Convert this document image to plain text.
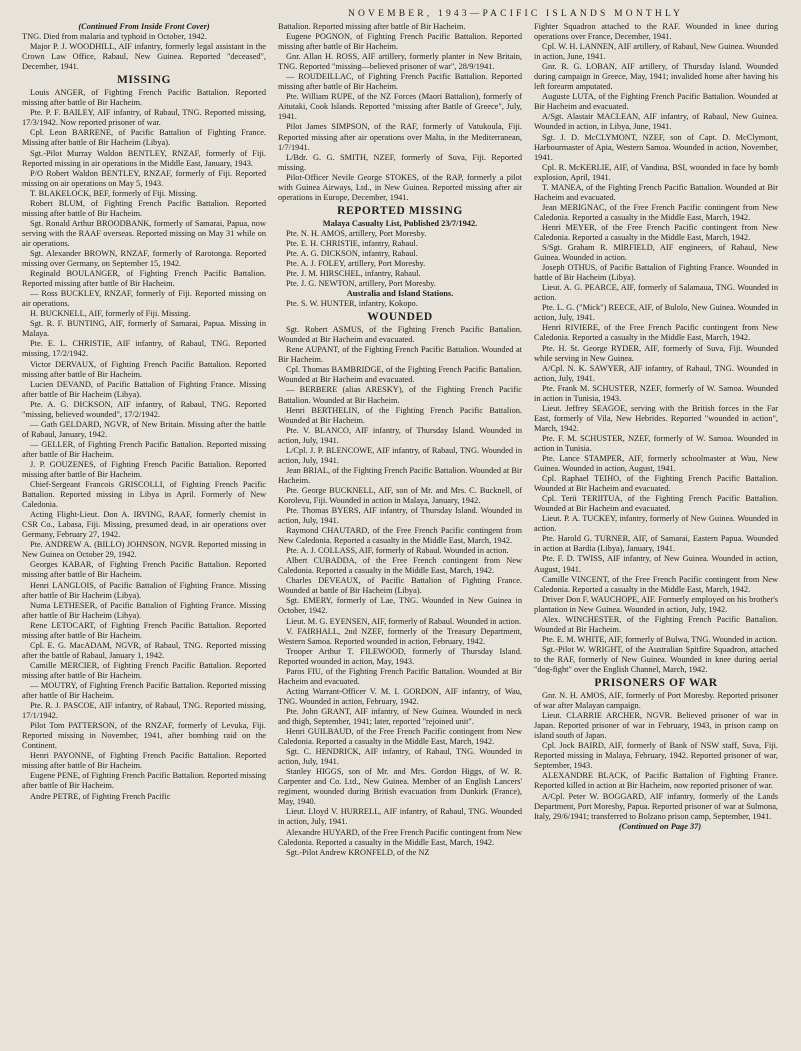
NOVEMBER, 1943—PACIFIC ISLANDS MONTHLY

(Continued From Inside Front Cover)

TNG. Died from malaria and typhoid in October, 1942.

Major P. J. WOODHILL, AIF infantry, formerly legal assistant in the Crown Law Office, Rabaul, New Guinea. Reported "deceased", December, 1941.

MISSING

Louis ANGER, of Fighting French Pacific Battalion. Reported missing after battle of Bir Hacheim.

Pte. P. F. BAILEY, AIF infantry, of Rabaul, TNG. Reported missing, 17/3/1942. Now reported prisoner of war.

Cpl. Leon BARRENE, of Pacific Battalion of Fighting France. Missing after battle of Bir Hacheim (Libya).

Sgt.-Pilot Murray Waldon BENTLEY, RNZAF, formerly of Fiji. Reported missing in air operations in the Middle East, January, 1943.

P/O Robert Waldon BENTLEY, RNZAF, formerly of Fiji. Reported missing on air operations on May 5, 1943.

T. BLAKELOCK, BEF, formerly of Fiji. Missing.

Robert BLUM, of Fighting French Pacific Battalion. Reported missing after battle of Bir Hacheim.

Sgt. Ronald Arthur BROODBANK, formerly of Samarai, Papua, now serving with the RAAF overseas. Reported missing on May 31 while on air operations.

Sgt. Alexander BROWN, RNZAF, formerly of Rarotonga. Reported missing over Germany, on September 15, 1942.

Reginald BOULANGER, of Fighting French Pacific Battalion. Reported missing after battle of Bir Hacheim.

— Ross BUCKLEY, RNZAF, formerly of Fiji. Reported missing on air operations.

H. BUCKNELL, AIF, formerly of Fiji. Missing.

Sgt. R. F. BUNTING, AIF, formerly of Samarai, Papua. Missing in Malaya.

Pte. E. L. CHRISTIE, AIF infantry, of Rabaul, TNG. Reported missing, 17/2/1942.

Victor DERVAUX, of Fighting French Pacific Battalion. Reported missing after battle of Bir Hacheim.

Lucien DEVAND, of Pacific Battalion of Fighting France. Missing after battle of Bir Hacheim (Libya).

Pte. A. G. DICKSON, AIF infantry, of Rabaul, TNG. Reported "missing, believed wounded", 17/2/1942.

— Gath GELDARD, NGVR, of New Britain. Missing after the battle of Rabaul, January, 1942.

— GELLER, of Fighting French Pacific Battalion. Reported missing after battle of Bir Hacheim.

J. P. GOUZENES, of Fighting French Pacific Battalion. Reported missing after battle of Bir Hacheim.

Chief-Sergeant Francois GRISCOLLI, of Fighting French Pacific Battalion. Reported missing in Libya in April. Formerly of New Caledonia.

Acting Flight-Lieut. Don A. IRVING, RAAF, formerly chemist in CSR Co., Labasa, Fiji. Missing, presumed dead, in air operations over Germany, February 27, 1942.

Pte. ANDREW A. (BILLO) JOHNSON, NGVR. Reported missing in New Guinea on October 29, 1942.

Georges KABAR, of Fighting French Pacific Battalion. Reported missing after battle of Bir Hacheim.

Henri LANGLOIS, of Pacific Battalion of Fighting France. Missing after battle of Bir Hacheim (Libya).

Numa LETHESER, of Pacific Battalion of Fighting France. Missing after battle of Bir Hacheim (Libya).

Rene LETOCART, of Fighting French Pacific Battalion. Reported missing after battle of Bir Hacheim.

Cpl. E. G. MacADAM, NGVR, of Rabaul, TNG. Reported missing after the battle of Rabaul, January 1, 1942.

Camille MERCIER, of Fighting French Pacific Battalion. Reported missing after battle of Bir Hacheim.

— MOUTRY, of Fighting French Pacific Battalion. Reported missing after battle of Bir Hacheim.

Pte. R. J. PASCOE, AIF infantry, of Rabaul, TNG. Reported missing, 17/1/1942.

Pilot Tom PATTERSON, of the RNZAF, formerly of Levuka, Fiji. Reported missing in November, 1941, after bombing raid on the Continent.

Henri PAYONNE, of Fighting French Pacific Battalion. Reported missing after battle of Bir Hacheim.

Eugene PENE, of Fighting French Pacific Battalion. Reported missing after battle of Bir Hacheim.

Andre PETRE, of Fighting French Pacific

Battalion. Reported missing after battle of Bir Hacheim.

Eugene POGNON, of Fighting French Pacific Battalion. Reported missing after battle of Bir Hacheim.

Gnr. Allan H. ROSS, AIF artillery, formerly planter in New Britain, TNG. Reported "missing—believed prisoner of war", 28/9/1941.

— ROUDEILLAC, of Fighting French Pacific Battalion. Reported missing after battle of Bir Hacheim.

Pte. William RUPE, of the NZ Forces (Maori Battalion), formerly of Aitutaki, Cook Islands. Reported "missing after Battle of Greece", July, 1941.

Pilot James SIMPSON, of the RAF, formerly of Vatukoula, Fiji. Reported missing after air operations over Malta, in the Mediterranean, 1/7/1941.

L/Bdr. G. G. SMITH, NZEF, formerly of Suva, Fiji. Reported missing.

Pilot-Officer Nevile George STOKES, of the RAP, formerly a pilot with Guinea Airways, Ltd., in New Guinea. Reported missing after air operations in Europe, December, 1941.

REPORTED MISSING
Malaya Casualty List, Published 23/7/1942.

Pte. N. H. AMOS, artillery, Port Moresby.

Pte. E. H. CHRISTIE, infantry, Rabaul.

Pte. A. G. DICKSON, infantry, Rabaul.

Pte. A. J. FOLEY, artillery, Port Moresby.

Pte. J. M. HIRSCHEL, infantry, Rabaul.

Pte. J. G. NEWTON, artillery, Port Moresby.

Australia and Island Stations.

Pte. S. W. HUNTER, infantry, Kokopo.

WOUNDED

Sgt. Robert ASMUS, of the Fighting French Pacific Battalion. Wounded at Bir Hacheim and evacuated.

Rene AUPANT, of the Fighting French Pacific Battalion. Wounded at Bir Hacheim.

Cpl. Thomas BAMBRIDGE, of the Fighting French Pacific Battalion. Wounded at Bir Hacheim and evacuated.

— BERBERE (alias ARESKY), of the Fighting French Pacific Battalion. Wounded at Bir Hacheim.

Henri BERTHELIN, of the Fighting French Pacific Battalion. Wounded at Bir Hacheim.

Pte. V. BLANCO, AIF infantry, of Thursday Island. Wounded in action, July, 1941.

L/Cpl. J. P. BLENCOWE, AIF infantry, of Rabaul, TNG. Wounded in action, July, 1941.

Jean BRIAL, of the Fighting French Pacific Battalion. Wounded at Bir Hacheim.

Pte. George BUCKNELL, AIF, son of Mr. and Mrs. C. Bucknell, of Korolevu, Fiji. Wounded in action in Malaya, January, 1942.

Pte. Thomas BYERS, AIF infantry, of Thursday Island. Wounded in action, July, 1941.

Raymond CHAUTARD, of the Free French Pacific contingent from New Caledonia. Reported a casualty in the Middle East, March, 1942.

Pte. A. J. COLLASS, AIF, formerly of Rabaul. Wounded in action.

Albert CUBADDA, of the Free French contingent from New Caledonia. Reported a casualty in the Middle East, March, 1942.

Charles DEVEAUX, of Pacific Battalion of Fighting France. Wounded at battle of Bir Hacheim (Libya).

Sgt. EMERY, formerly of Lae, TNG. Wounded in New Guinea in October, 1942.

Lieut. M. G. EYENSEN, AIF, formerly of Rabaul. Wounded in action.

V. FAIRHALL, 2nd NZEF, formerly of the Treasury Department, Western Samoa. Reported wounded in action, February, 1942.

Trooper Arthur T. FILEWOOD, formerly of Thursday Island. Reported wounded in action, May, 1943.

Paros FIU, of the Fighting French Pacific Battalion. Wounded at Bir Hacheim and evacuated.

Acting Warrant-Officer V. M. I. GORDON, AIF infantry, of Wau, TNG. Wounded in action, February, 1942.

Pte. John GRANT, AIF infantry, of New Guinea. Wounded in neck and thigh, September, 1941; later, reported "rejoined unit".

Henri GUILBAUD, of the Free French Pacific contingent from New Caledonia. Reported a casualty in the Middle East, March, 1942.

Sgt. C. HENDRICK, AIF infantry, of Rabaul, TNG. Wounded in action, July, 1941.

Stanley HIGGS, son of Mr. and Mrs. Gordon Higgs, of W. R. Carpenter and Co. Ltd., New Guinea. Member of an English Lancers' regiment, wounded during British evacuation from Dunkirk (France), May, 1940.

Lieut. Lloyd V. HURRELL, AIF infantry, of Rabaul, TNG. Wounded in action, July, 1941.

Alexandre HUYARD, of the Free French Pacific contingent from New Caledonia. Reported a casualty in the Middle East, March, 1942.

Sgt.-Pilot Andrew KRONFELD, of the NZ

Fighter Squadron attached to the RAF. Wounded in knee during operations over France, December, 1941.

Cpl. W. H. LANNEN, AIF artillery, of Rabaul, New Guinea. Wounded in action, June, 1941.

Gnr. R. G. LOBAN, AIF artillery, of Thursday Island. Wounded during campaign in Greece, May, 1941; invalided home after having his left forearm amputated.

Auguste LUTA, of the Fighting French Pacific Battalion. Wounded at Bir Hacheim and evacuated.

A/Sgt. Alastair MACLEAN, AIF infantry, of Rabaul, New Guinea. Wounded in action, in Libya, June, 1941.

Sgt. J. D. McCLYMONT, NZEF, son of Capt. D. McClymont, Harbourmaster of Apia, Western Samoa. Wounded in action, November, 1941.

Cpl. R. McKERLIE, AIF, of Vandina, BSI, wounded in face by bomb explosion, April, 1941.

T. MANEA, of the Fighting French Pacific Battalion. Wounded at Bir Hacheim and evacuated.

Jean MERIGNAC, of the Free French Pacific contingent from New Caledonia. Reported a casualty in the Middle East, March, 1942.

Henri MEYER, of the Free French Pacific contingent from New Caledonia. Reported a casualty in the Middle East, March, 1942.

S/Sgt. Graham R. MIRFIELD, AIF engineers, of Rabaul, New Guinea. Wounded in action.

Joseph OTHUS, of Pacific Battalion of Fighting France. Wounded in battle of Bir Hacheim (Libya).

Lieut. A. G. PEARCE, AIF, formerly of Salamaua, TNG. Wounded in action.

Pte. L. G. ("Mick") REECE, AIF, of Bulolo, New Guinea. Wounded in action, July, 1941.

Henri RIVIERE, of the Free French Pacific contingent from New Caledonia. Reported a casualty in the Middle East, March, 1942.

Pte. H. St. George RYDER, AIF, formerly of Suva, Fiji. Wounded while serving in New Guinea.

A/Cpl. N. K. SAWYER, AIF infantry, of Rabaul, TNG. Wounded in action, July, 1941.

Pte. Frank M. SCHUSTER, NZEF, formerly of W. Samoa. Wounded in action in Tunisia, 1943.

Lieut. Jeffrey SEAGOE, serving with the British forces in the Far East, formerly of Vila, New Hebrides. Reported "wounded in action", March, 1942.

Pte. F. M. SCHUSTER, NZEF, formerly of W. Samoa. Wounded in action in Tunisia.

Pte. Lance STAMPER, AIF, formerly schoolmaster at Wau, New Guinea. Wounded in action, August, 1941.

Cpl. Raphael TEIHO, of the Fighting French Pacific Battalion. Wounded at Bir Hacheim and evacuated.

Cpl. Terii TERIITUA, of the Fighting French Pacific Battalion. Wounded at Bir Hacheim and evacuated.

Lieut. P. A. TUCKEY, infantry, formerly of New Guinea. Wounded in action.

Pte. Harold G. TURNER, AIF, of Samarai, Eastern Papua. Wounded in action at Bardia (Libya), January, 1941.

Pte. F. D. TWISS, AIF infantry, of New Guinea. Wounded in action, August, 1941.

Camille VINCENT, of the Free French Pacific contingent from New Caledonia. Reported a casualty in the Middle East, March, 1942.

Driver Don F. WAUCHOPE, AIF. Formerly employed on his brother's plantation in New Guinea. Wounded in action, July, 1942.

Alex. WINCHESTER, of the Fighting French Pacific Battalion. Wounded at Bir Hacheim.

Pte. E. M. WHITE, AIF, formerly of Bulwa, TNG. Wounded in action.

Sgt.-Pilot W. WRIGHT, of the Australian Spitfire Squadron, attached to the RAF, formerly of New Guinea. Wounded in knee during aerial "dog-fight" over the English Channel, March, 1942.

PRISONERS OF WAR

Gnr. N. H. AMOS, AIF, formerly of Port Moresby. Reported prisoner of war after Malayan campaign.

Lieut. CLARRIE ARCHER, NGVR. Believed prisoner of war in Japan. Reported prisoner of war in February, 1943, in prison camp on island south of Japan.

Cpl. Jock BAIRD, AIF, formerly of Bank of NSW staff, Suva, Fiji. Reported missing in Malaya, February, 1942. Reported prisoner of war, September, 1943.

ALEXANDRE BLACK, of Pacific Battalion of Fighting France. Reported killed in action at Bir Hacheim, now reported prisoner of war.

A/Cpl. Peter W. BOGGARD, AIF infantry, formerly of the Lands Department, Port Moresby, Papua. Reported prisoner of war at Sulmona, Italy, 29/6/1941; transferred to Bolzano prison camp, September, 1941.

(Continued on Page 37)
